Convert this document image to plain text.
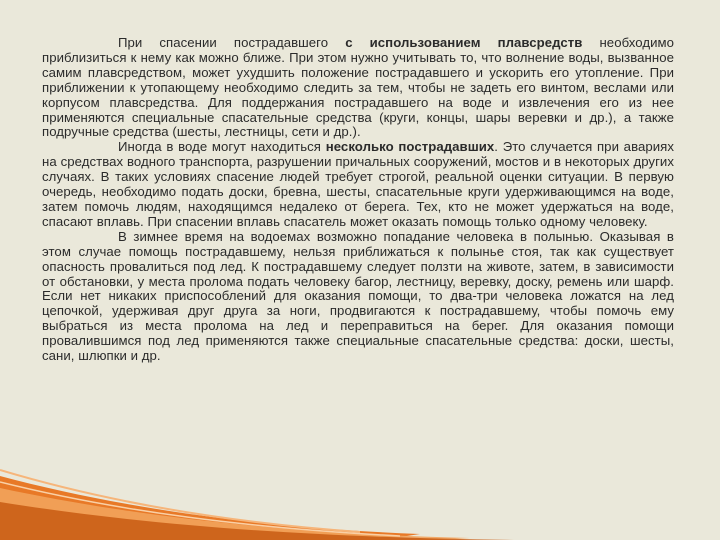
При спасении пострадавшего с использованием плавсредств необходимо приблизиться к нему как можно ближе. При этом нужно учитывать то, что волнение воды, вызванное самим плавсредством, может ухудшить положение пострадавшего и ускорить его утопление. При приближении к утопающему необходимо следить за тем, чтобы не задеть его винтом, веслами или корпусом плавсредства. Для поддержания пострадавшего на воде и извлечения его из нее применяются специальные спасательные средства (круги, концы, шары веревки и др.), а также подручные средства (шесты, лестницы, сети и др.).

Иногда в воде могут находиться несколько пострадавших. Это случается при авариях на средствах водного транспорта, разрушении причальных сооружений, мостов и в некоторых других случаях. В таких условиях спасение людей требует строгой, реальной оценки ситуации. В первую очередь, необходимо подать доски, бревна, шесты, спасательные круги удерживающимся на воде, затем помочь людям, находящимся недалеко от берега. Тех, кто не может удержаться на воде, спасают вплавь. При спасении вплавь спасатель может оказать помощь только одному человеку.

В зимнее время на водоемах возможно попадание человека в полынью. Оказывая в этом случае помощь пострадавшему, нельзя приближаться к полынье стоя, так как существует опасность провалиться под лед. К пострадавшему следует ползти на животе, затем, в зависимости от обстановки, у места пролома подать человеку багор, лестницу, веревку, доску, ремень или шарф. Если нет никаких приспособлений для оказания помощи, то два-три человека ложатся на лед цепочкой, удерживая друг друга за ноги, продвигаются к пострадавшему, чтобы помочь ему выбраться из места пролома на лед и переправиться на берег. Для оказания помощи провалившимся под лед применяются также специальные спасательные средства: доски, шесты, сани, шлюпки и др.
